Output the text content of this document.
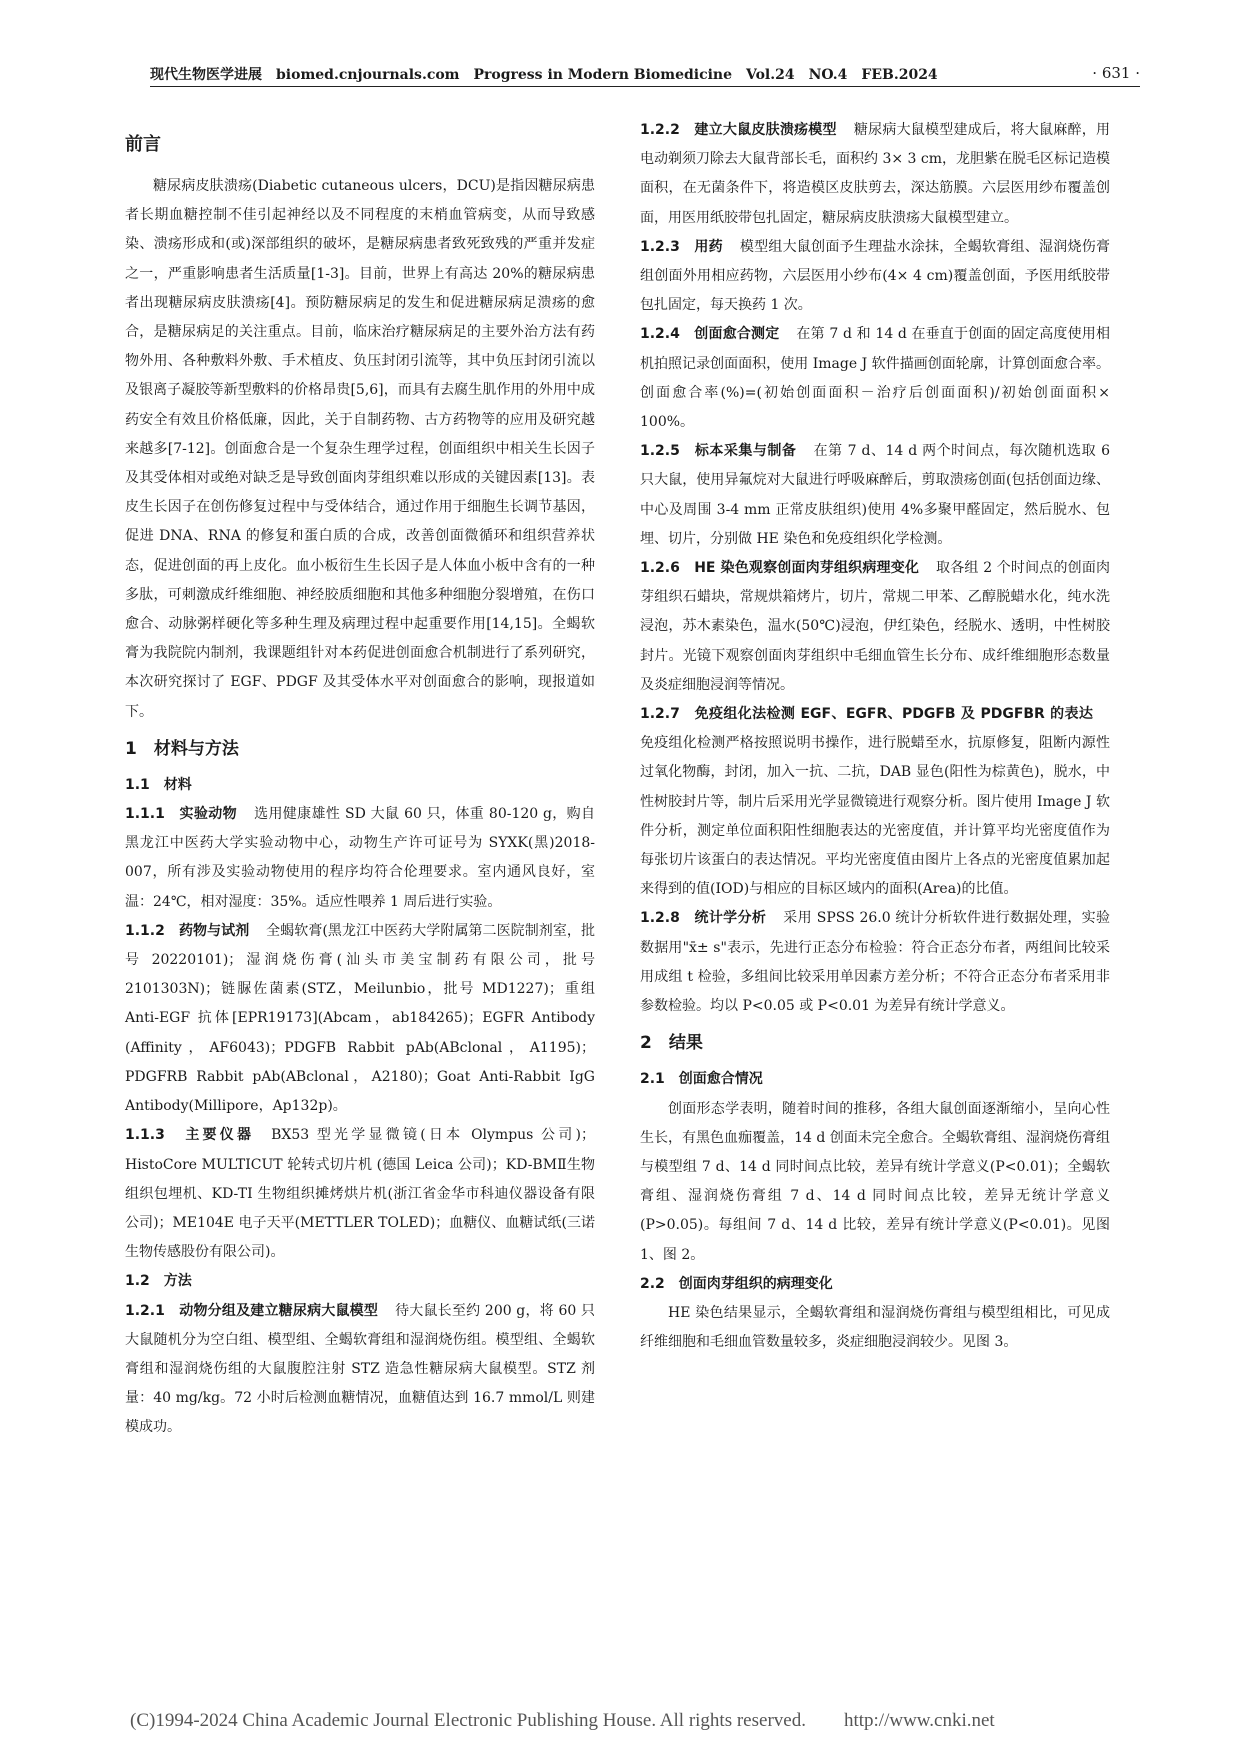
现代生物医学进展　biomed.cnjournals.com　Progress in Modern Biomedicine　Vol.24　NO.4　FEB.2024	· 631 ·

前言

糖尿病皮肤溃疡(Diabetic cutaneous ulcers，DCU)是指因糖尿病患者长期血糖控制不佳引起神经以及不同程度的末梢血管病变，从而导致感染、溃疡形成和(或)深部组织的破坏，是糖尿病患者致死致残的严重并发症之一，严重影响患者生活质量[1-3]。目前，世界上有高达 20%的糖尿病患者出现糖尿病皮肤溃疡[4]。预防糖尿病足的发生和促进糖尿病足溃疡的愈合，是糖尿病足的关注重点。目前，临床治疗糖尿病足的主要外治方法有药物外用、各种敷料外敷、手术植皮、负压封闭引流等，其中负压封闭引流以及银离子凝胶等新型敷料的价格昂贵[5,6]，而具有去腐生肌作用的外用中成药安全有效且价格低廉，因此，关于自制药物、古方药物等的应用及研究越来越多[7-12]。创面愈合是一个复杂生理学过程，创面组织中相关生长因子及其受体相对或绝对缺乏是导致创面肉芽组织难以形成的关键因素[13]。表皮生长因子在创伤修复过程中与受体结合，通过作用于细胞生长调节基因，促进 DNA、RNA 的修复和蛋白质的合成，改善创面微循环和组织营养状态，促进创面的再上皮化。血小板衍生生长因子是人体血小板中含有的一种多肽，可刺激成纤维细胞、神经胶质细胞和其他多种细胞分裂增殖，在伤口愈合、动脉粥样硬化等多种生理及病理过程中起重要作用[14,15]。全蝎软膏为我院院内制剂，我课题组针对本药促进创面愈合机制进行了系列研究，本次研究探讨了 EGF、PDGF 及其受体水平对创面愈合的影响，现报道如下。

1　材料与方法

1.1　材料

1.1.1　实验动物 选用健康雄性 SD 大鼠 60 只，体重 80-120 g，购自黑龙江中医药大学实验动物中心，动物生产许可证号为 SYXK(黑)2018-007，所有涉及实验动物使用的程序均符合伦理要求。室内通风良好，室温：24℃，相对湿度：35%。适应性喂养 1 周后进行实验。

1.1.2　药物与试剂 全蝎软膏(黑龙江中医药大学附属第二医院制剂室，批号 20220101)；湿润烧伤膏(汕头市美宝制药有限公司，批号 2101303N)；链脲佐菌素(STZ，Meilunbio，批号 MD1227)；重组 Anti-EGF 抗体[EPR19173](Abcam，ab184265)；EGFR Antibody (Affinity，AF6043)；PDGFB Rabbit pAb(ABclonal，A1195)；PDGFRB Rabbit pAb(ABclonal，A2180)；Goat Anti-Rabbit IgG Antibody(Millipore，Ap132p)。

1.1.3　主要仪器 BX53 型光学显微镜(日本 Olympus 公司)；HistoCore MULTICUT 轮转式切片机 (德国 Leica 公司)；KD-BMⅡ生物组织包埋机、KD-TI 生物组织摊烤烘片机(浙江省金华市科迪仪器设备有限公司)；ME104E 电子天平(METTLER TOLED)；血糖仪、血糖试纸(三诺生物传感股份有限公司)。

1.2　方法

1.2.1　动物分组及建立糖尿病大鼠模型 待大鼠长至约 200 g，将 60 只大鼠随机分为空白组、模型组、全蝎软膏组和湿润烧伤组。模型组、全蝎软膏组和湿润烧伤组的大鼠腹腔注射 STZ 造急性糖尿病大鼠模型。STZ 剂量：40 mg/kg。72 小时后检测血糖情况，血糖值达到 16.7 mmol/L 则建模成功。

1.2.2　建立大鼠皮肤溃疡模型 糖尿病大鼠模型建成后，将大鼠麻醉，用电动剃须刀除去大鼠背部长毛，面积约 3× 3 cm，龙胆紫在脱毛区标记造模面积，在无菌条件下，将造模区皮肤剪去，深达筋膜。六层医用纱布覆盖创面，用医用纸胶带包扎固定，糖尿病皮肤溃疡大鼠模型建立。

1.2.3　用药 模型组大鼠创面予生理盐水涂抹，全蝎软膏组、湿润烧伤膏组创面外用相应药物，六层医用小纱布(4× 4 cm)覆盖创面，予医用纸胶带包扎固定，每天换药 1 次。

1.2.4　创面愈合测定 在第 7 d 和 14 d 在垂直于创面的固定高度使用相机拍照记录创面面积，使用 Image J 软件描画创面轮廓，计算创面愈合率。创面愈合率(%)=(初始创面面积－治疗后创面面积)/初始创面面积× 100%。

1.2.5　标本采集与制备 在第 7 d、14 d 两个时间点，每次随机选取 6 只大鼠，使用异氟烷对大鼠进行呼吸麻醉后，剪取溃疡创面(包括创面边缘、中心及周围 3-4 mm 正常皮肤组织)使用 4%多聚甲醛固定，然后脱水、包埋、切片，分别做 HE 染色和免疫组织化学检测。

1.2.6　HE 染色观察创面肉芽组织病理变化 取各组 2 个时间点的创面肉芽组织石蜡块，常规烘箱烤片，切片，常规二甲苯、乙醇脱蜡水化，纯水洗浸泡，苏木素染色，温水(50℃)浸泡，伊红染色，经脱水、透明，中性树胶封片。光镜下观察创面肉芽组织中毛细血管生长分布、成纤维细胞形态数量及炎症细胞浸润等情况。

1.2.7　免疫组化法检测 EGF、EGFR、PDGFB 及 PDGFBR 的表达免疫组化检测严格按照说明书操作，进行脱蜡至水，抗原修复，阻断内源性过氧化物酶，封闭，加入一抗、二抗，DAB 显色(阳性为棕黄色)，脱水，中性树胶封片等，制片后采用光学显微镜进行观察分析。图片使用 Image J 软件分析，测定单位面积阳性细胞表达的光密度值，并计算平均光密度值作为每张切片该蛋白的表达情况。平均光密度值由图片上各点的光密度值累加起来得到的值(IOD)与相应的目标区域内的面积(Area)的比值。

1.2.8　统计学分析 采用 SPSS 26.0 统计分析软件进行数据处理，实验数据用"x̄± s"表示，先进行正态分布检验：符合正态分布者，两组间比较采用成组 t 检验，多组间比较采用单因素方差分析；不符合正态分布者采用非参数检验。均以 P<0.05 或 P<0.01 为差异有统计学意义。

2　结果

2.1　创面愈合情况

创面形态学表明，随着时间的推移，各组大鼠创面逐渐缩小，呈向心性生长，有黑色血痂覆盖，14 d 创面未完全愈合。全蝎软膏组、湿润烧伤膏组与模型组 7 d、14 d 同时间点比较，差异有统计学意义(P<0.01)；全蝎软膏组、湿润烧伤膏组 7 d、14 d 同时间点比较，差异无统计学意义(P>0.05)。每组间 7 d、14 d 比较，差异有统计学意义(P<0.01)。见图 1、图 2。

2.2　创面肉芽组织的病理变化

HE 染色结果显示，全蝎软膏组和湿润烧伤膏组与模型组相比，可见成纤维细胞和毛细血管数量较多，炎症细胞浸润较少。见图 3。

(C)1994-2024 China Academic Journal Electronic Publishing House. All rights reserved.　　http://www.cnki.net
